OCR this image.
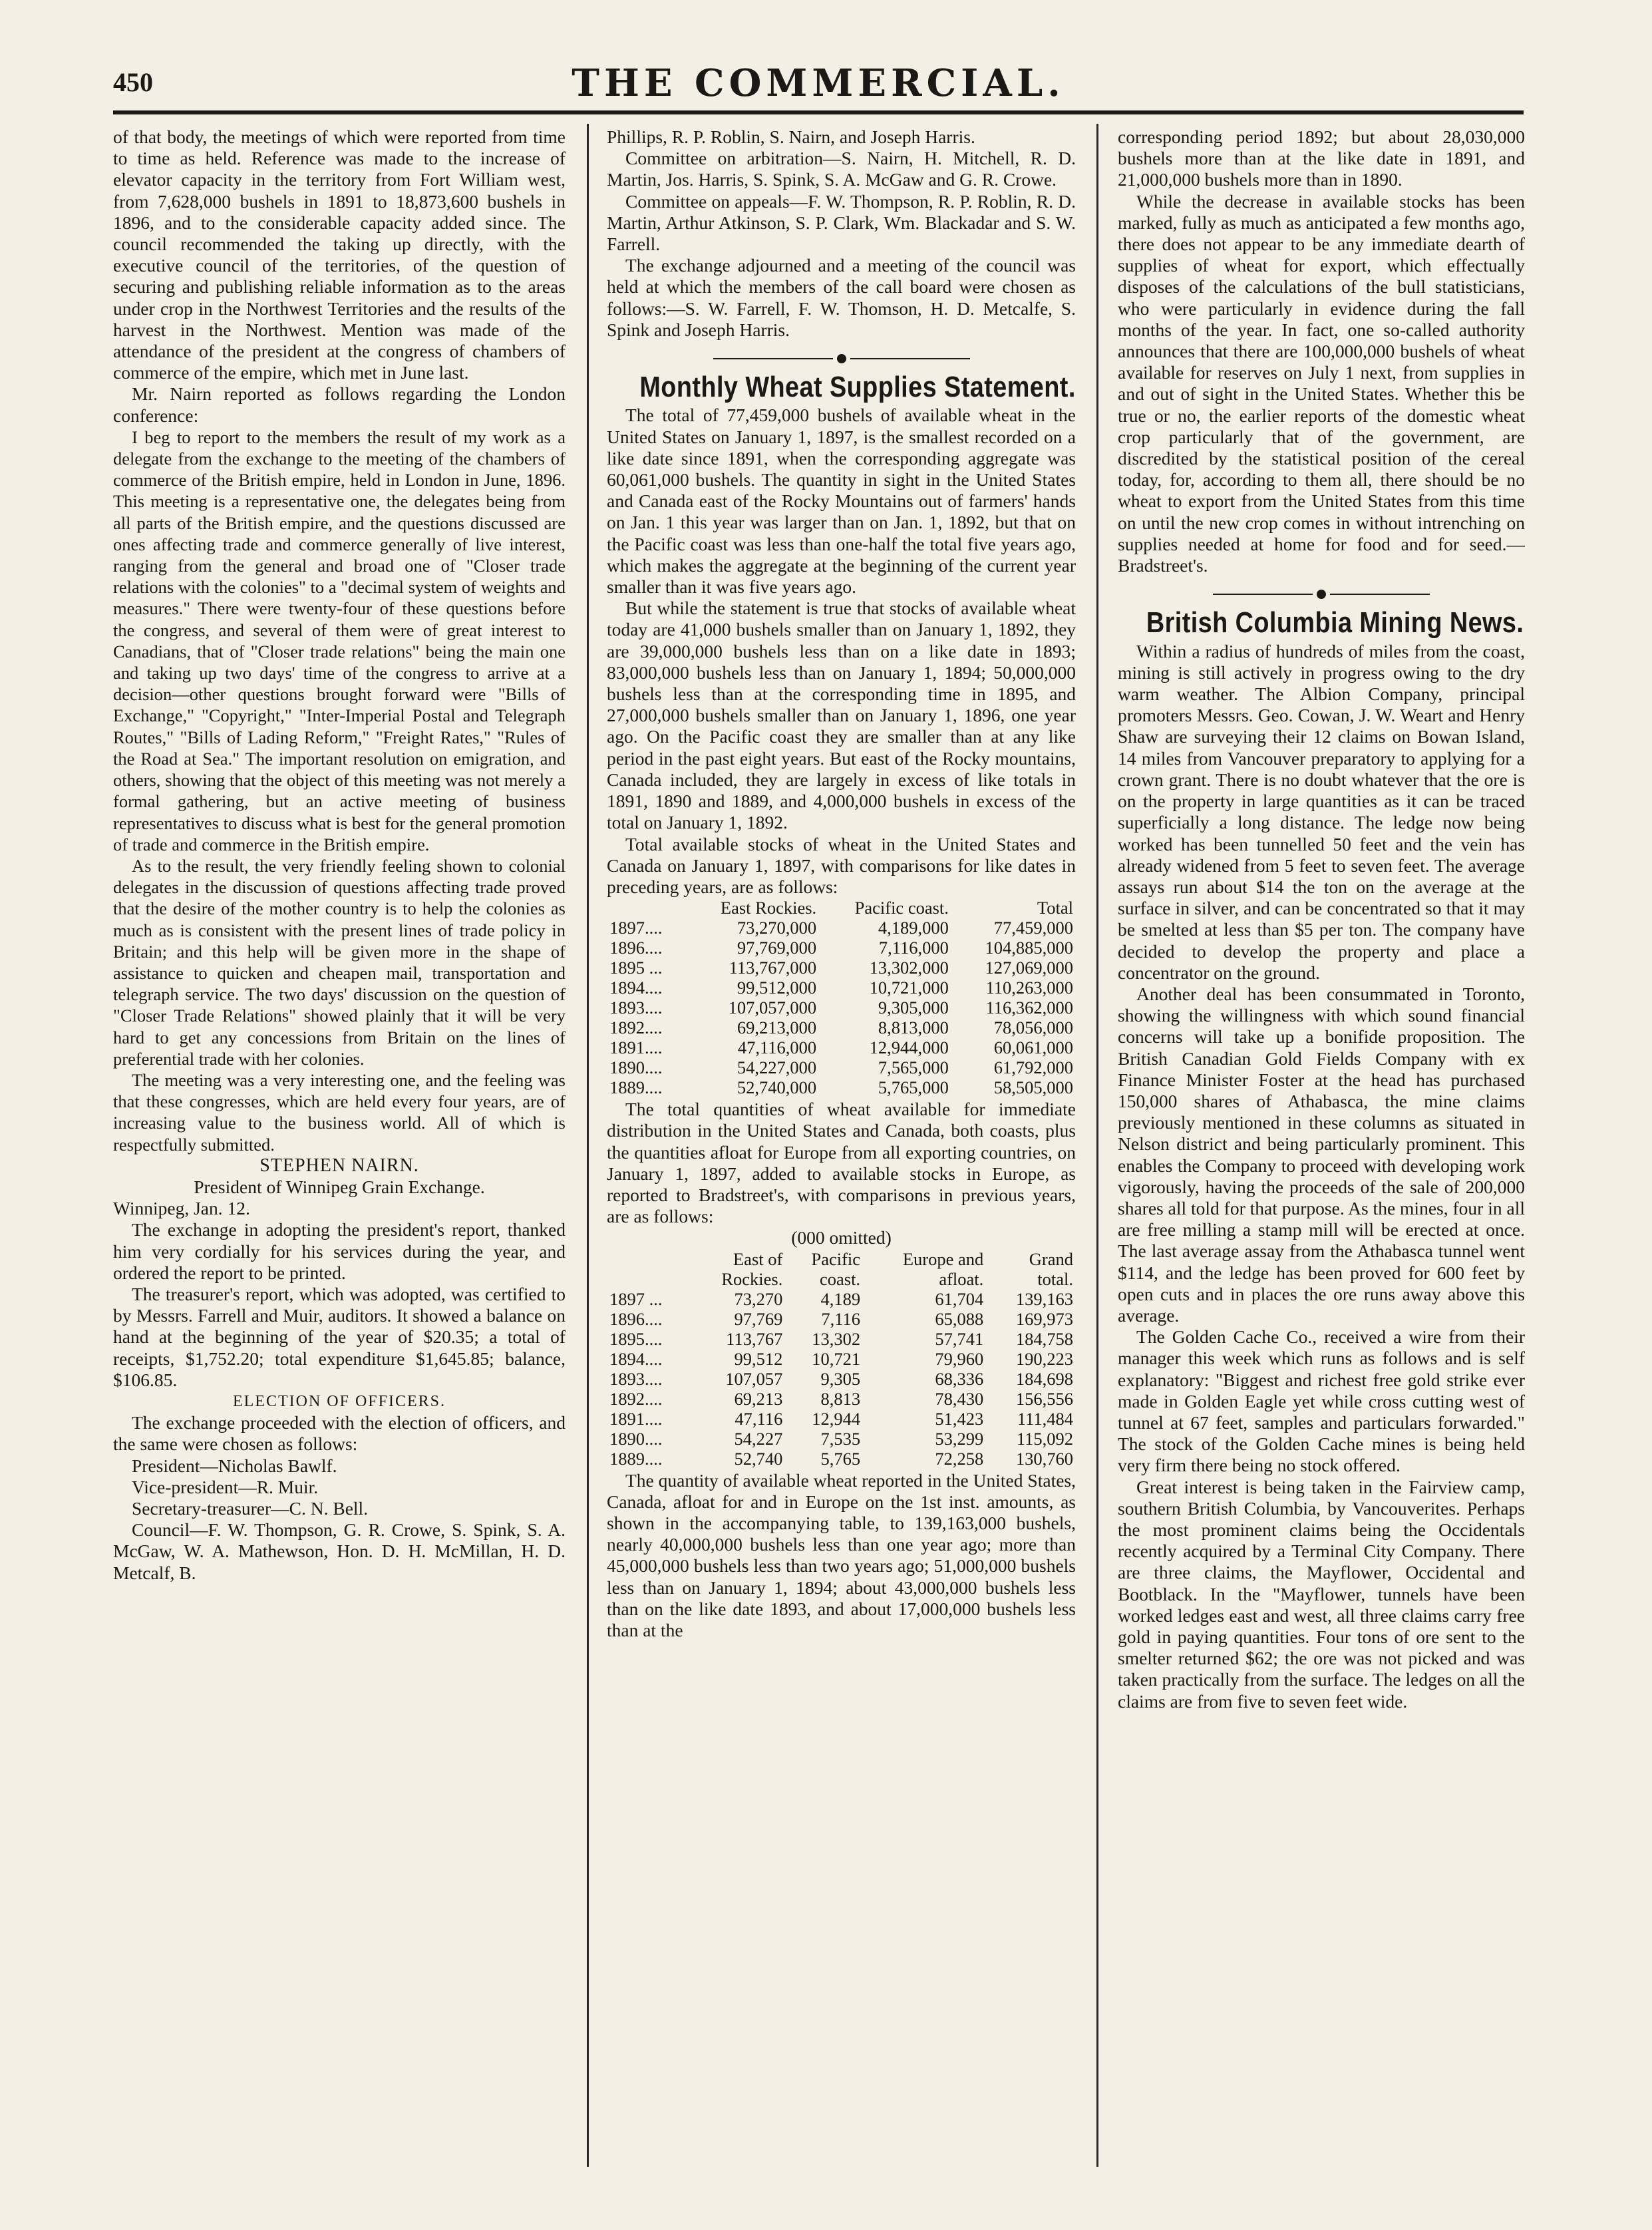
450	THE COMMERCIAL.

of that body, the meetings of which were reported from time to time as held. Reference was made to the increase of elevator capacity in the territory from Fort William west, from 7,628,000 bushels in 1891 to 18,873,600 bushels in 1896, and to the considerable capacity added since. The council recommended the taking up directly, with the executive council of the territories, of the question of securing and publishing reliable information as to the areas under crop in the Northwest Territories and the results of the harvest in the Northwest. Mention was made of the attendance of the president at the congress of chambers of commerce of the empire, which met in June last.

Mr. Nairn reported as follows regarding the London conference:

I beg to report to the members the result of my work as a delegate from the exchange to the meeting of the chambers of commerce of the British empire, held in London in June, 1896. This meeting is a representative one, the delegates being from all parts of the British empire, and the questions discussed are ones affecting trade and commerce generally of live interest, ranging from the general and broad one of "Closer trade relations with the colonies" to a "decimal system of weights and measures." There were twenty-four of these questions before the congress, and several of them were of great interest to Canadians, that of "Closer trade relations" being the main one and taking up two days' time of the congress to arrive at a decision—other questions brought forward were "Bills of Exchange," "Copyright," "Inter-Imperial Postal and Telegraph Routes," "Bills of Lading Reform," "Freight Rates," "Rules of the Road at Sea." The important resolution on emigration, and others, showing that the object of this meeting was not merely a formal gathering, but an active meeting of business representatives to discuss what is best for the general promotion of trade and commerce in the British empire.

As to the result, the very friendly feeling shown to colonial delegates in the discussion of questions affecting trade proved that the desire of the mother country is to help the colonies as much as is consistent with the present lines of trade policy in Britain; and this help will be given more in the shape of assistance to quicken and cheapen mail, transportation and telegraph service. The two days' discussion on the question of "Closer Trade Relations" showed plainly that it will be very hard to get any concessions from Britain on the lines of preferential trade with her colonies.

The meeting was a very interesting one, and the feeling was that these congresses, which are held every four years, are of increasing value to the business world. All of which is respectfully submitted.

STEPHEN NAIRN.

President of Winnipeg Grain Exchange.

Winnipeg, Jan. 12.

The exchange in adopting the president's report, thanked him very cordially for his services during the year, and ordered the report to be printed.

The treasurer's report, which was adopted, was certified to by Messrs. Farrell and Muir, auditors. It showed a balance on hand at the beginning of the year of $20.35; a total of receipts, $1,752.20; total expenditure $1,645.85; balance, $106.85.

ELECTION OF OFFICERS.

The exchange proceeded with the election of officers, and the same were chosen as follows:

President—Nicholas Bawlf.

Vice-president—R. Muir.

Secretary-treasurer—C. N. Bell.

Council—F. W. Thompson, G. R. Crowe, S. Spink, S. A. McGaw, W. A. Mathewson, Hon. D. H. McMillan, H. D. Metcalf, B.

Phillips, R. P. Roblin, S. Nairn, and Joseph Harris.

Committee on arbitration—S. Nairn, H. Mitchell, R. D. Martin, Jos. Harris, S. Spink, S. A. McGaw and G. R. Crowe.

Committee on appeals—F. W. Thompson, R. P. Roblin, R. D. Martin, Arthur Atkinson, S. P. Clark, Wm. Blackadar and S. W. Farrell.

The exchange adjourned and a meeting of the council was held at which the members of the call board were chosen as follows:—S. W. Farrell, F. W. Thomson, H. D. Metcalfe, S. Spink and Joseph Harris.

Monthly Wheat Supplies Statement.

The total of 77,459,000 bushels of available wheat in the United States on January 1, 1897, is the smallest recorded on a like date since 1891, when the corresponding aggregate was 60,061,000 bushels. The quantity in sight in the United States and Canada east of the Rocky Mountains out of farmers' hands on Jan. 1 this year was larger than on Jan. 1, 1892, but that on the Pacific coast was less than one-half the total five years ago, which makes the aggregate at the beginning of the current year smaller than it was five years ago.

But while the statement is true that stocks of available wheat today are 41,000 bushels smaller than on January 1, 1892, they are 39,000,000 bushels less than on a like date in 1893; 83,000,000 bushels less than on January 1, 1894; 50,000,000 bushels less than at the corresponding time in 1895, and 27,000,000 bushels smaller than on January 1, 1896, one year ago. On the Pacific coast they are smaller than at any like period in the past eight years. But east of the Rocky mountains, Canada included, they are largely in excess of like totals in 1891, 1890 and 1889, and 4,000,000 bushels in excess of the total on January 1, 1892.

Total available stocks of wheat in the United States and Canada on January 1, 1897, with comparisons for like dates in preceding years, are as follows:

	East Rockies.	Pacific coast.	Total
1897....	73,270,000	4,189,000	77,459,000
1896....	97,769,000	7,116,000	104,885,000
1895 ...	113,767,000	13,302,000	127,069,000
1894....	99,512,000	10,721,000	110,263,000
1893....	107,057,000	9,305,000	116,362,000
1892....	69,213,000	8,813,000	78,056,000
1891....	47,116,000	12,944,000	60,061,000
1890....	54,227,000	7,565,000	61,792,000
1889....	52,740,000	5,765,000	58,505,000

The total quantities of wheat available for immediate distribution in the United States and Canada, both coasts, plus the quantities afloat for Europe from all exporting countries, on January 1, 1897, added to available stocks in Europe, as reported to Bradstreet's, with comparisons in previous years, are as follows:

(000 omitted)

	East of	Pacific	Europe and	Grand
	Rockies.	coast.	afloat.	total.
1897 ...	73,270	4,189	61,704	139,163
1896....	97,769	7,116	65,088	169,973
1895....	113,767	13,302	57,741	184,758
1894....	99,512	10,721	79,960	190,223
1893....	107,057	9,305	68,336	184,698
1892....	69,213	8,813	78,430	156,556
1891....	47,116	12,944	51,423	111,484
1890....	54,227	7,535	53,299	115,092
1889....	52,740	5,765	72,258	130,760

The quantity of available wheat reported in the United States, Canada, afloat for and in Europe on the 1st inst. amounts, as shown in the accompanying table, to 139,163,000 bushels, nearly 40,000,000 bushels less than one year ago; more than 45,000,000 bushels less than two years ago; 51,000,000 bushels less than on January 1, 1894; about 43,000,000 bushels less than on the like date 1893, and about 17,000,000 bushels less than at the

corresponding period 1892; but about 28,030,000 bushels more than at the like date in 1891, and 21,000,000 bushels more than in 1890.

While the decrease in available stocks has been marked, fully as much as anticipated a few months ago, there does not appear to be any immediate dearth of supplies of wheat for export, which effectually disposes of the calculations of the bull statisticians, who were particularly in evidence during the fall months of the year. In fact, one so-called authority announces that there are 100,000,000 bushels of wheat available for reserves on July 1 next, from supplies in and out of sight in the United States. Whether this be true or no, the earlier reports of the domestic wheat crop particularly that of the government, are discredited by the statistical position of the cereal today, for, according to them all, there should be no wheat to export from the United States from this time on until the new crop comes in without intrenching on supplies needed at home for food and for seed.—Bradstreet's.

British Columbia Mining News.

Within a radius of hundreds of miles from the coast, mining is still actively in progress owing to the dry warm weather. The Albion Company, principal promoters Messrs. Geo. Cowan, J. W. Weart and Henry Shaw are surveying their 12 claims on Bowan Island, 14 miles from Vancouver preparatory to applying for a crown grant. There is no doubt whatever that the ore is on the property in large quantities as it can be traced superficially a long distance. The ledge now being worked has been tunnelled 50 feet and the vein has already widened from 5 feet to seven feet. The average assays run about $14 the ton on the average at the surface in silver, and can be concentrated so that it may be smelted at less than $5 per ton. The company have decided to develop the property and place a concentrator on the ground.

Another deal has been consummated in Toronto, showing the willingness with which sound financial concerns will take up a bonifide proposition. The British Canadian Gold Fields Company with ex Finance Minister Foster at the head has purchased 150,000 shares of Athabasca, the mine claims previously mentioned in these columns as situated in Nelson district and being particularly prominent. This enables the Company to proceed with developing work vigorously, having the proceeds of the sale of 200,000 shares all told for that purpose. As the mines, four in all are free milling a stamp mill will be erected at once. The last average assay from the Athabasca tunnel went $114, and the ledge has been proved for 600 feet by open cuts and in places the ore runs away above this average.

The Golden Cache Co., received a wire from their manager this week which runs as follows and is self explanatory: "Biggest and richest free gold strike ever made in Golden Eagle yet while cross cutting west of tunnel at 67 feet, samples and particulars forwarded." The stock of the Golden Cache mines is being held very firm there being no stock offered.

Great interest is being taken in the Fairview camp, southern British Columbia, by Vancouverites. Perhaps the most prominent claims being the Occidentals recently acquired by a Terminal City Company. There are three claims, the Mayflower, Occidental and Bootblack. In the "Mayflower, tunnels have been worked ledges east and west, all three claims carry free gold in paying quantities. Four tons of ore sent to the smelter returned $62; the ore was not picked and was taken practically from the surface. The ledges on all the claims are from five to seven feet wide.
